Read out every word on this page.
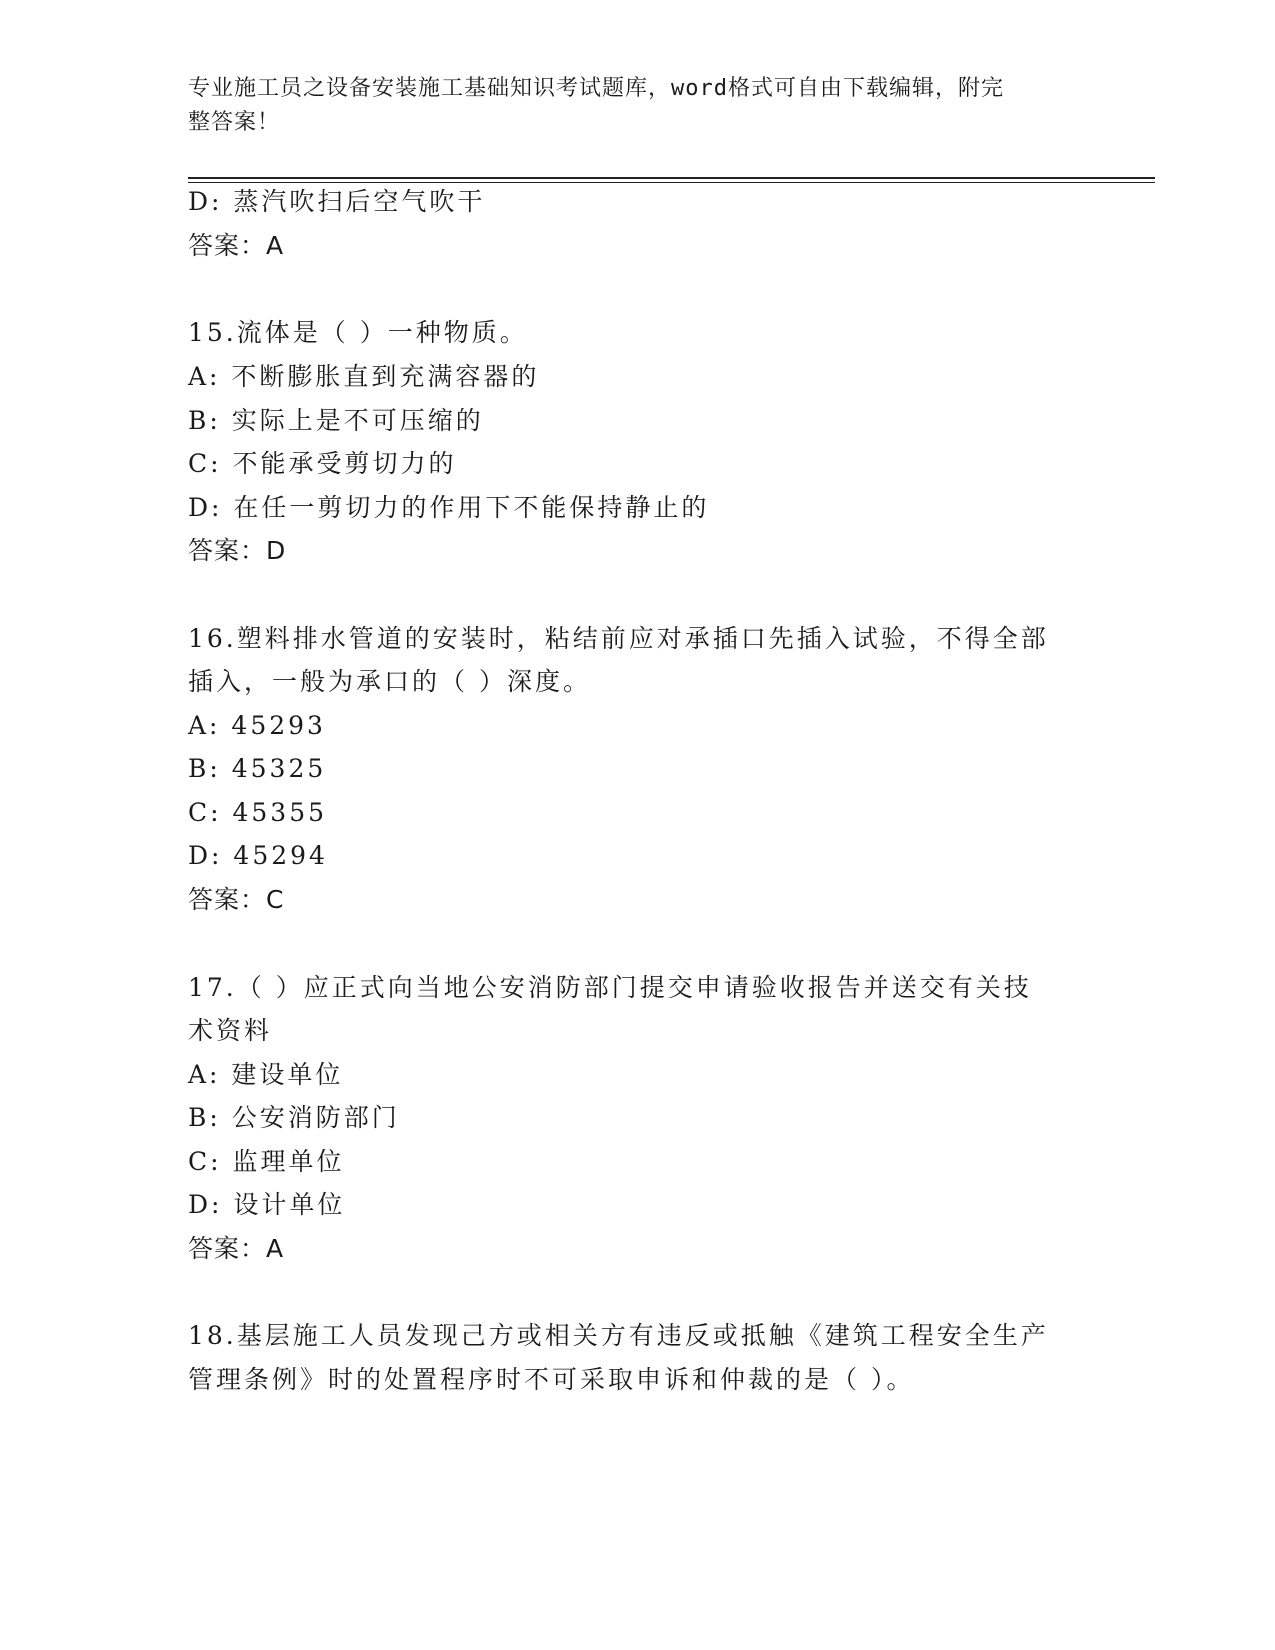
专业施工员之设备安装施工基础知识考试题库，word格式可自由下载编辑，附完
整答案！
D: 蒸汽吹扫后空气吹干
答案：A
15.流体是（ ）一种物质。
A: 不断膨胀直到充满容器的
B: 实际上是不可压缩的
C: 不能承受剪切力的
D: 在任一剪切力的作用下不能保持静止的
答案：D
16.塑料排水管道的安装时，粘结前应对承插口先插入试验，不得全部
插入，一般为承口的（ ）深度。
A: 45293
B: 45325
C: 45355
D: 45294
答案：C
17.（ ）应正式向当地公安消防部门提交申请验收报告并送交有关技
术资料
A: 建设单位
B: 公安消防部门
C: 监理单位
D: 设计单位
答案：A
18.基层施工人员发现己方或相关方有违反或抵触《建筑工程安全生产
管理条例》时的处置程序时不可采取申诉和仲裁的是（ ）。
